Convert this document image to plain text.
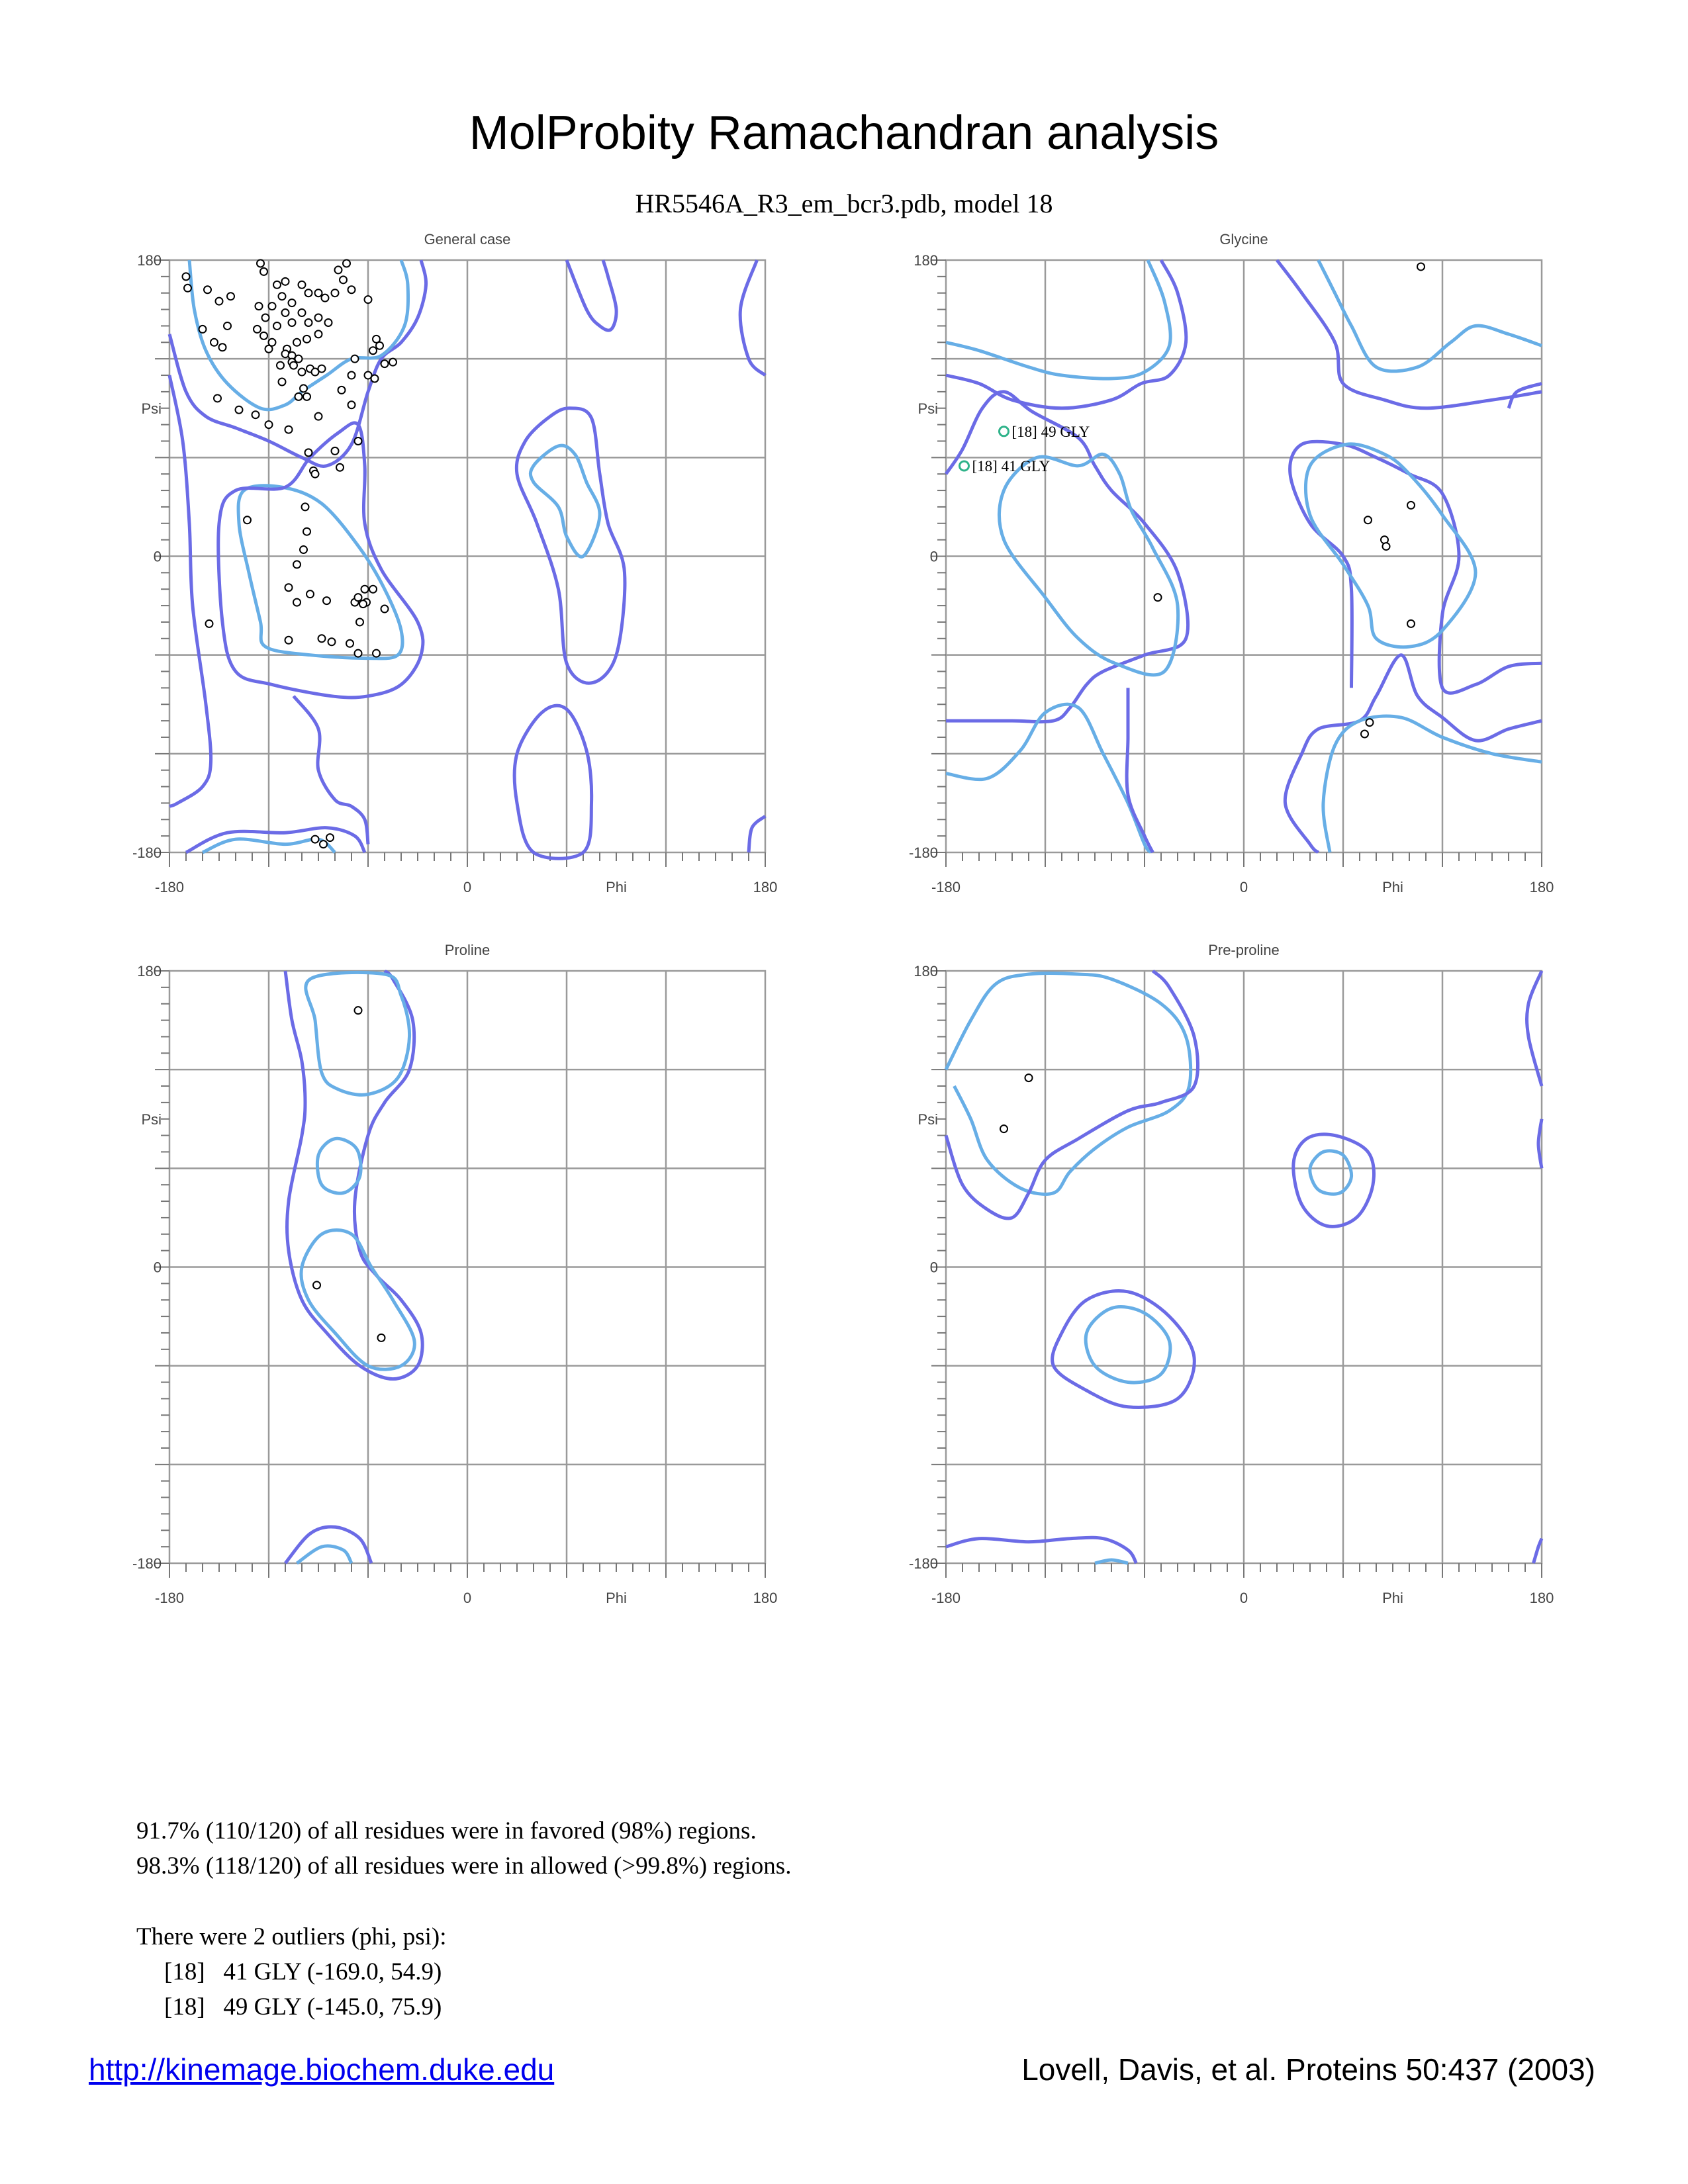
MolProbity Ramachandran analysis
HR5546A_R3_em_bcr3.pdb, model 18
General case
180
0
-180
-180	0	180
Psi
Phi
[18] 49 GLY
[18] 41 GLY
Glycine
180
0
-180
-180	0	180
Psi
Phi
Proline
180
0
-180
-180	0	180
Psi
Phi
Pre-proline
180
0
-180
-180	0	180
Psi
Phi
91.7% (110/120) of all residues were in favored (98%) regions.
98.3% (118/120) of all residues were in allowed (>99.8%) regions.
There were 2 outliers (phi, psi):
[18]   41 GLY (-169.0, 54.9)
[18]   49 GLY (-145.0, 75.9)
http://kinemage.biochem.duke.edu	Lovell, Davis, et al. Proteins 50:437 (2003)
